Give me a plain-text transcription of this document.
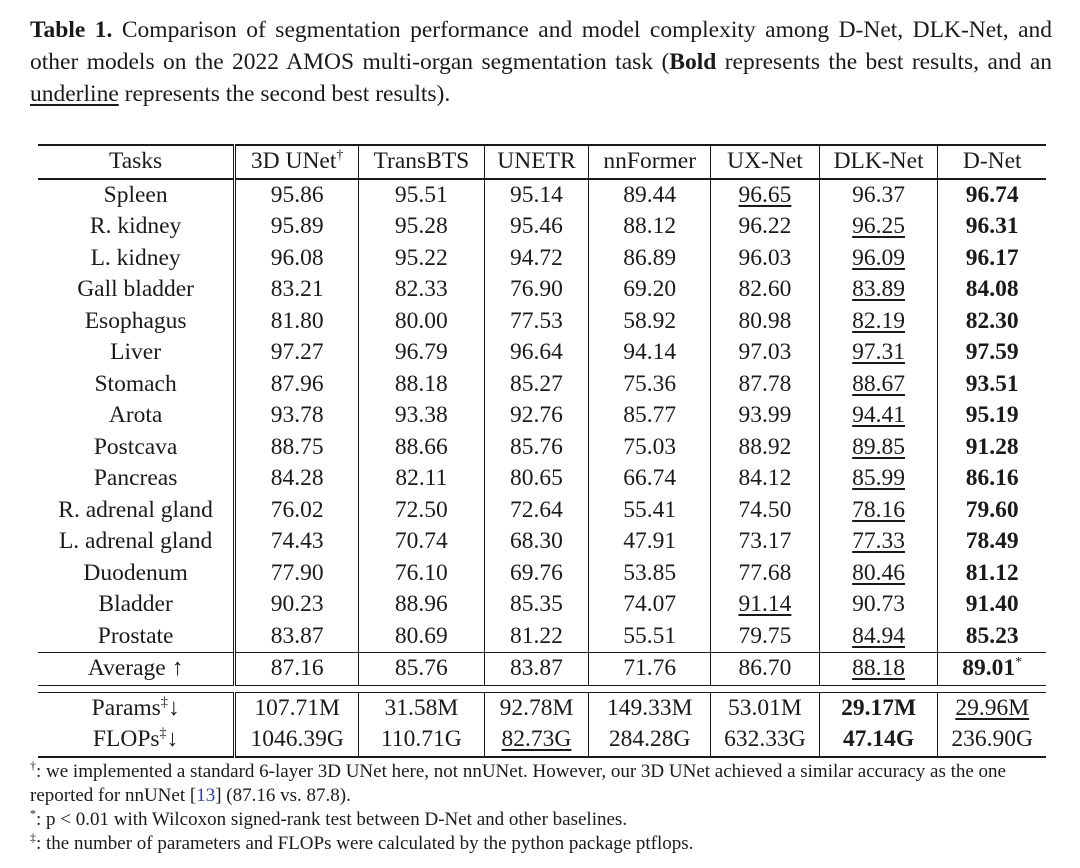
Table 1. Comparison of segmentation performance and model complexity among D-Net, DLK-Net, and other models on the 2022 AMOS multi-organ segmentation task (Bold represents the best results, and an underline represents the second best results).
Tasks	3D UNet†	TransBTS	UNETR	nnFormer	UX-Net	DLK-Net	D-Net
Spleen	95.86	95.51	95.14	89.44	96.65	96.37	96.74
R. kidney	95.89	95.28	95.46	88.12	96.22	96.25	96.31
L. kidney	96.08	95.22	94.72	86.89	96.03	96.09	96.17
Gall bladder	83.21	82.33	76.90	69.20	82.60	83.89	84.08
Esophagus	81.80	80.00	77.53	58.92	80.98	82.19	82.30
Liver	97.27	96.79	96.64	94.14	97.03	97.31	97.59
Stomach	87.96	88.18	85.27	75.36	87.78	88.67	93.51
Arota	93.78	93.38	92.76	85.77	93.99	94.41	95.19
Postcava	88.75	88.66	85.76	75.03	88.92	89.85	91.28
Pancreas	84.28	82.11	80.65	66.74	84.12	85.99	86.16
R. adrenal gland	76.02	72.50	72.64	55.41	74.50	78.16	79.60
L. adrenal gland	74.43	70.74	68.30	47.91	73.17	77.33	78.49
Duodenum	77.90	76.10	69.76	53.85	77.68	80.46	81.12
Bladder	90.23	88.96	85.35	74.07	91.14	90.73	91.40
Prostate	83.87	80.69	81.22	55.51	79.75	84.94	85.23
Average ↑	87.16	85.76	83.87	71.76	86.70	88.18	89.01*

Params‡↓	107.71M	31.58M	92.78M	149.33M	53.01M	29.17M	29.96M
FLOPs‡↓	1046.39G	110.71G	82.73G	284.28G	632.33G	47.14G	236.90G
†: we implemented a standard 6-layer 3D UNet here, not nnUNet. However, our 3D UNet achieved a similar accuracy as the one reported for nnUNet [13] (87.16 vs. 87.8).
*: p < 0.01 with Wilcoxon signed-rank test between D-Net and other baselines.
‡: the number of parameters and FLOPs were calculated by the python package ptflops.
